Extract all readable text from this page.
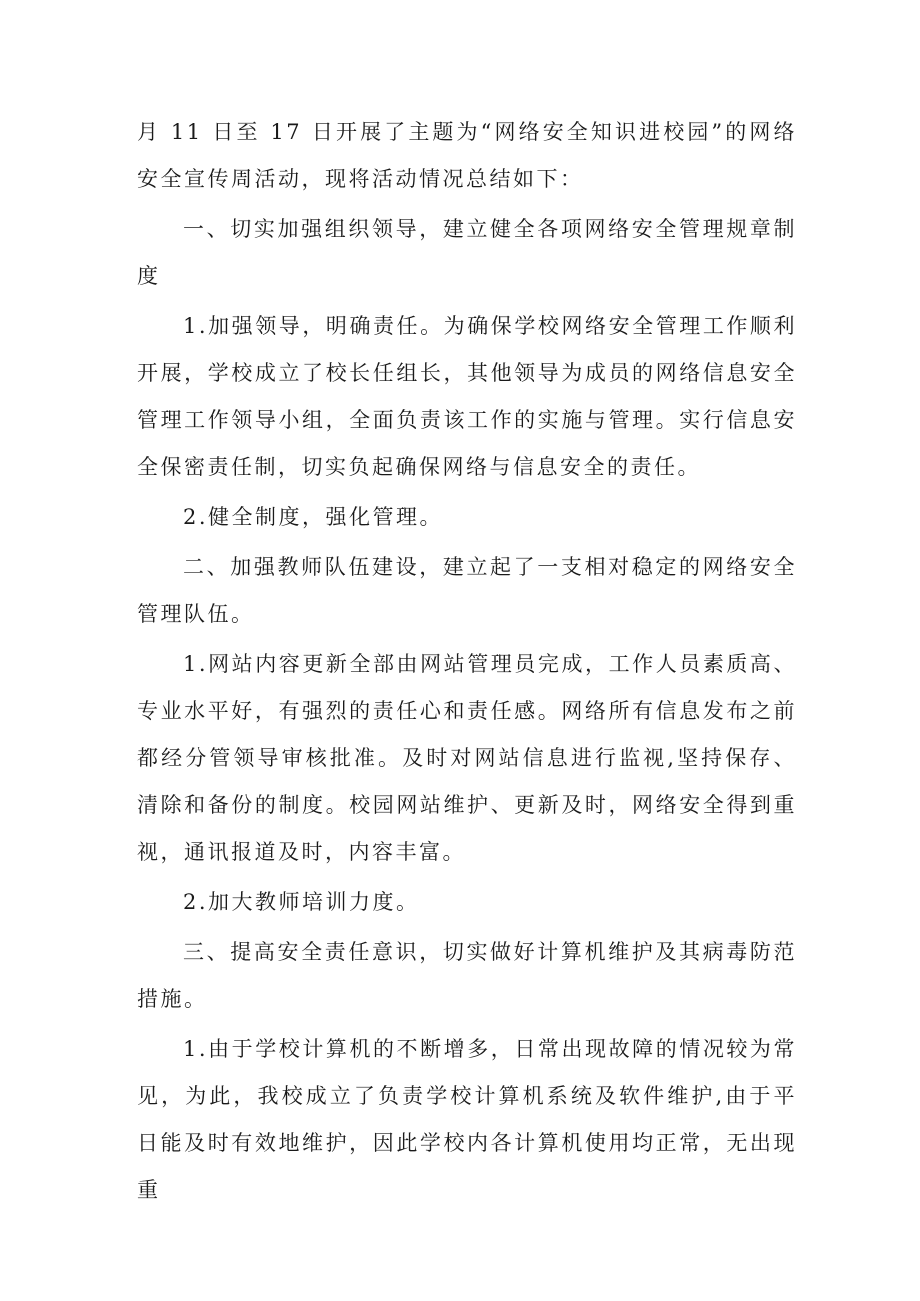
月 11 日至 17 日开展了主题为“网络安全知识进校园”的网络安全宣传周活动，现将活动情况总结如下：

一、切实加强组织领导，建立健全各项网络安全管理规章制度

1.加强领导，明确责任。为确保学校网络安全管理工作顺利开展，学校成立了校长任组长，其他领导为成员的网络信息安全管理工作领导小组，全面负责该工作的实施与管理。实行信息安全保密责任制，切实负起确保网络与信息安全的责任。

2.健全制度，强化管理。

二、加强教师队伍建设，建立起了一支相对稳定的网络安全管理队伍。

1.网站内容更新全部由网站管理员完成，工作人员素质高、专业水平好，有强烈的责任心和责任感。网络所有信息发布之前都经分管领导审核批准。及时对网站信息进行监视,坚持保存、清除和备份的制度。校园网站维护、更新及时，网络安全得到重视，通讯报道及时，内容丰富。

2.加大教师培训力度。

三、提高安全责任意识，切实做好计算机维护及其病毒防范措施。

1.由于学校计算机的不断增多，日常出现故障的情况较为常见，为此，我校成立了负责学校计算机系统及软件维护,由于平日能及时有效地维护，因此学校内各计算机使用均正常，无出现重
